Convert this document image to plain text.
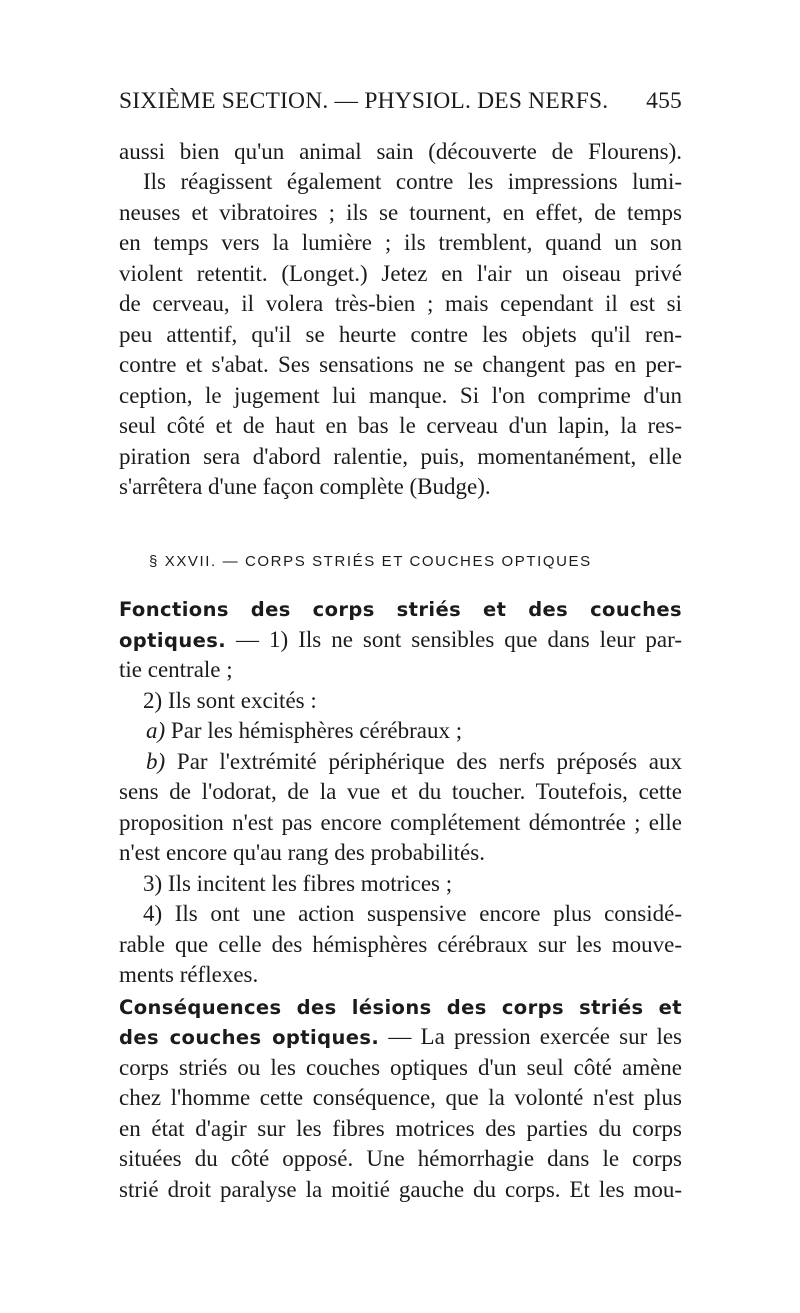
SIXIÈME SECTION. — PHYSIOL. DES NERFS. 455
aussi bien qu'un animal sain (découverte de Flourens).
Ils réagissent également contre les impressions lumi-
neuses et vibratoires ; ils se tournent, en effet, de temps
en temps vers la lumière ; ils tremblent, quand un son
violent retentit. (Longet.) Jetez en l'air un oiseau privé
de cerveau, il volera très-bien ; mais cependant il est si
peu attentif, qu'il se heurte contre les objets qu'il ren-
contre et s'abat. Ses sensations ne se changent pas en per-
ception, le jugement lui manque. Si l'on comprime d'un
seul côté et de haut en bas le cerveau d'un lapin, la res-
piration sera d'abord ralentie, puis, momentanément, elle
s'arrêtera d'une façon complète (Budge).
§ XXVII. — CORPS STRIÉS ET COUCHES OPTIQUES
Fonctions des corps striés et des couches
optiques. — 1) Ils ne sont sensibles que dans leur par-
tie centrale ;
2) Ils sont excités :
a) Par les hémisphères cérébraux ;
b) Par l'extrémité périphérique des nerfs préposés aux
sens de l'odorat, de la vue et du toucher. Toutefois, cette
proposition n'est pas encore complétement démontrée ; elle
n'est encore qu'au rang des probabilités.
3) Ils incitent les fibres motrices ;
4) Ils ont une action suspensive encore plus considé-
rable que celle des hémisphères cérébraux sur les mouve-
ments réflexes.
Conséquences des lésions des corps striés et
des couches optiques. — La pression exercée sur les
corps striés ou les couches optiques d'un seul côté amène
chez l'homme cette conséquence, que la volonté n'est plus
en état d'agir sur les fibres motrices des parties du corps
situées du côté opposé. Une hémorrhagie dans le corps
strié droit paralyse la moitié gauche du corps. Et les mou-
